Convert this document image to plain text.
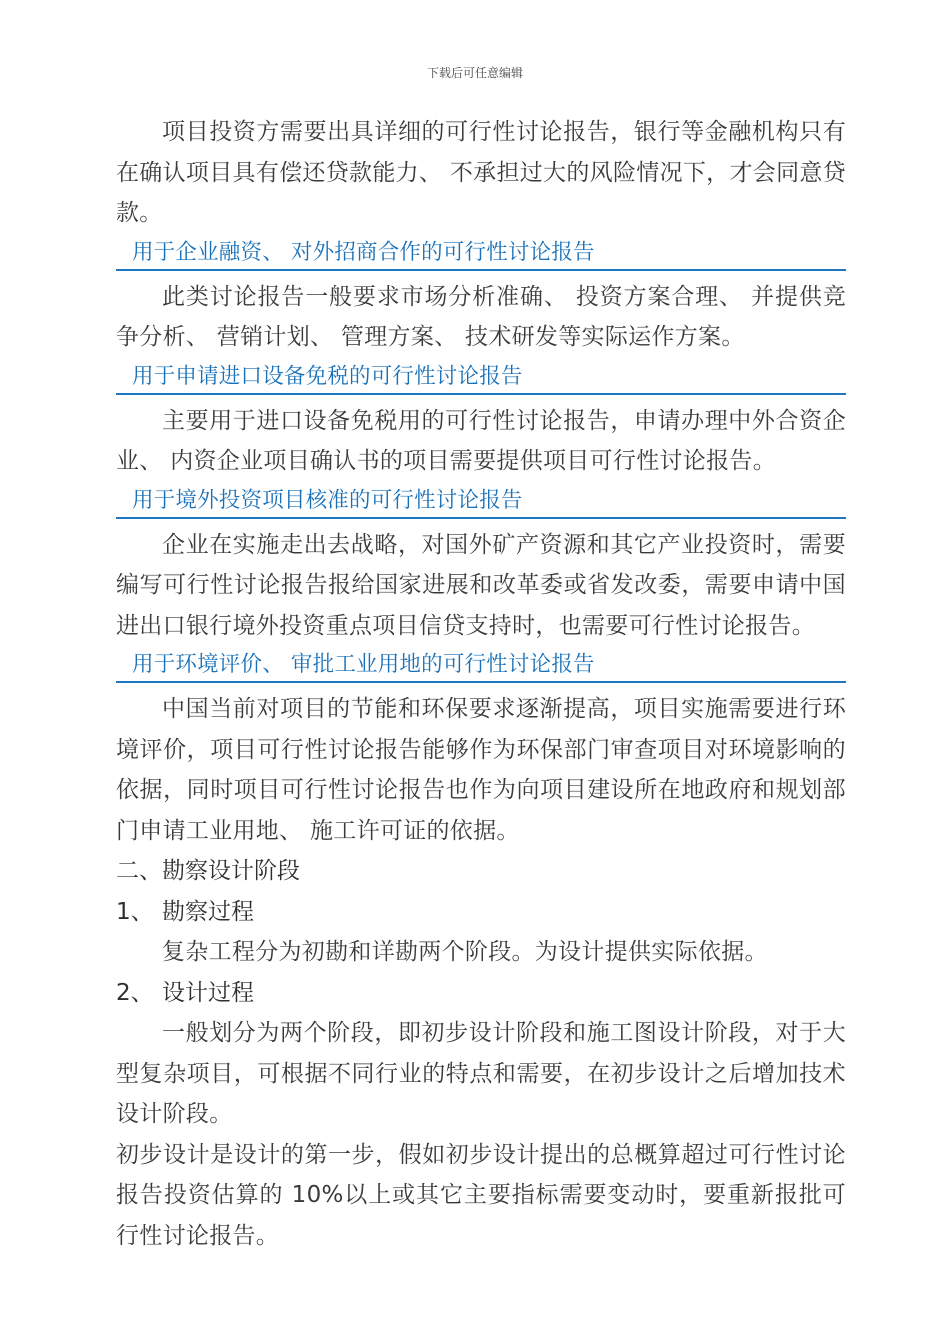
下载后可任意编辑

项目投资方需要出具详细的可行性讨论报告，银行等金融机构只有在确认项目具有偿还贷款能力、 不承担过大的风险情况下，才会同意贷款。

用于企业融资、 对外招商合作的可行性讨论报告

此类讨论报告一般要求市场分析准确、 投资方案合理、 并提供竞争分析、 营销计划、 管理方案、 技术研发等实际运作方案。

用于申请进口设备免税的可行性讨论报告

主要用于进口设备免税用的可行性讨论报告，申请办理中外合资企业、 内资企业项目确认书的项目需要提供项目可行性讨论报告。

用于境外投资项目核准的可行性讨论报告

企业在实施走出去战略，对国外矿产资源和其它产业投资时，需要编写可行性讨论报告报给国家进展和改革委或省发改委，需要申请中国进出口银行境外投资重点项目信贷支持时，也需要可行性讨论报告。

用于环境评价、 审批工业用地的可行性讨论报告

中国当前对项目的节能和环保要求逐渐提高，项目实施需要进行环境评价，项目可行性讨论报告能够作为环保部门审查项目对环境影响的依据，同时项目可行性讨论报告也作为向项目建设所在地政府和规划部门申请工业用地、 施工许可证的依据。

二、勘察设计阶段
1、 勘察过程

复杂工程分为初勘和详勘两个阶段。为设计提供实际依据。

2、 设计过程

一般划分为两个阶段，即初步设计阶段和施工图设计阶段，对于大型复杂项目，可根据不同行业的特点和需要，在初步设计之后增加技术设计阶段。

初步设计是设计的第一步，假如初步设计提出的总概算超过可行性讨论报告投资估算的 10%以上或其它主要指标需要变动时，要重新报批可行性讨论报告。
